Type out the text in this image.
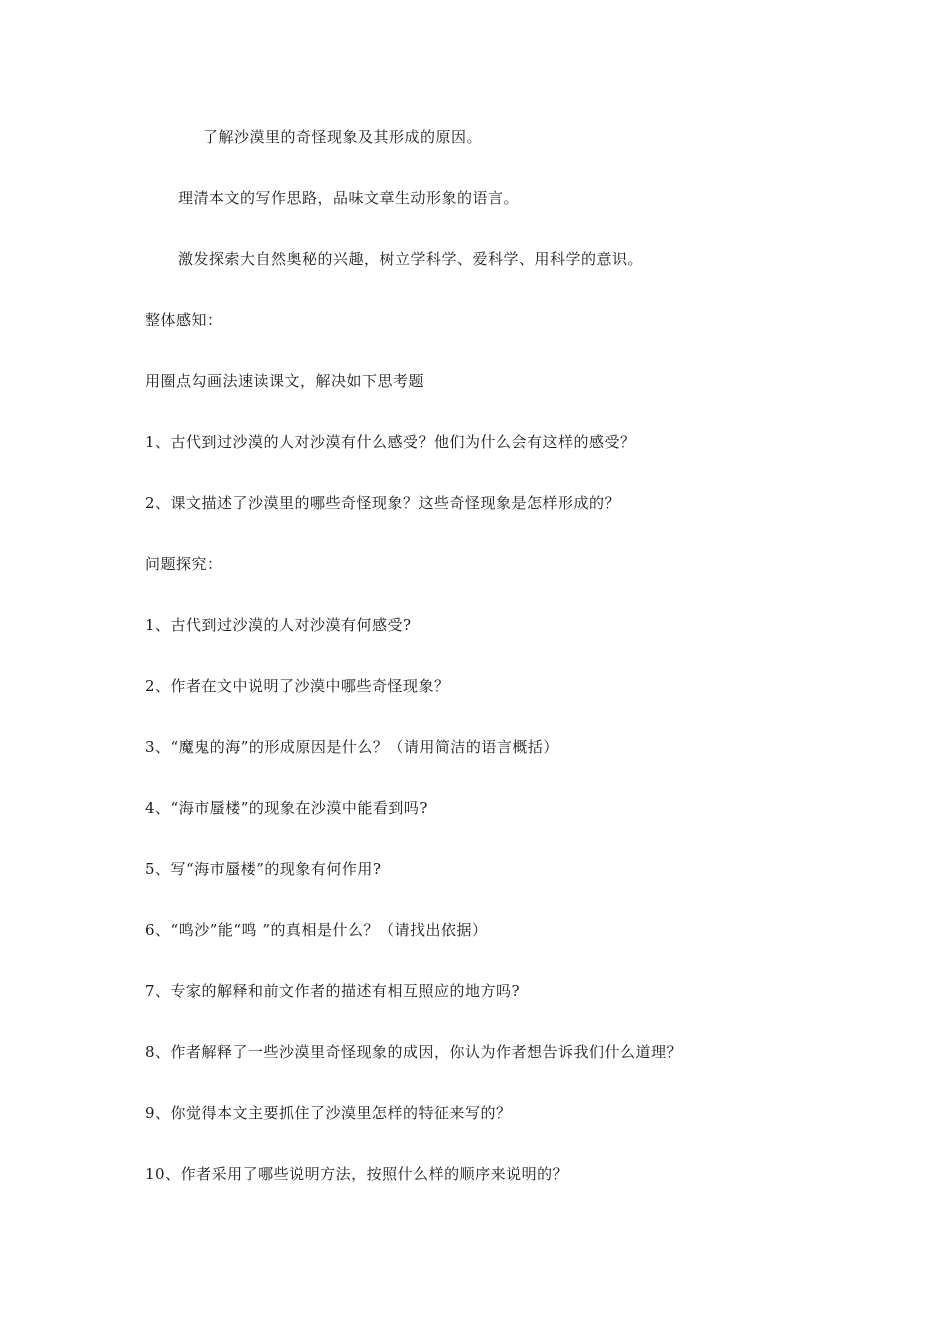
了解沙漠里的奇怪现象及其形成的原因。
理清本文的写作思路，品味文章生动形象的语言。
激发探索大自然奥秘的兴趣，树立学科学、爱科学、用科学的意识。
整体感知：
用圈点勾画法速读课文，解决如下思考题
1、古代到过沙漠的人对沙漠有什么感受？他们为什么会有这样的感受？
2、课文描述了沙漠里的哪些奇怪现象？这些奇怪现象是怎样形成的？
问题探究：
1、古代到过沙漠的人对沙漠有何感受?
2、作者在文中说明了沙漠中哪些奇怪现象？
3、“魔鬼的海”的形成原因是什么？（请用简洁的语言概括）
4、“海市蜃楼”的现象在沙漠中能看到吗?
5、写“海市蜃楼”的现象有何作用?
6、“鸣沙”能“鸣 ”的真相是什么？（请找出依据）
7、专家的解释和前文作者的描述有相互照应的地方吗?
8、作者解释了一些沙漠里奇怪现象的成因，你认为作者想告诉我们什么道理？
9、你觉得本文主要抓住了沙漠里怎样的特征来写的？
10、作者采用了哪些说明方法，按照什么样的顺序来说明的？
